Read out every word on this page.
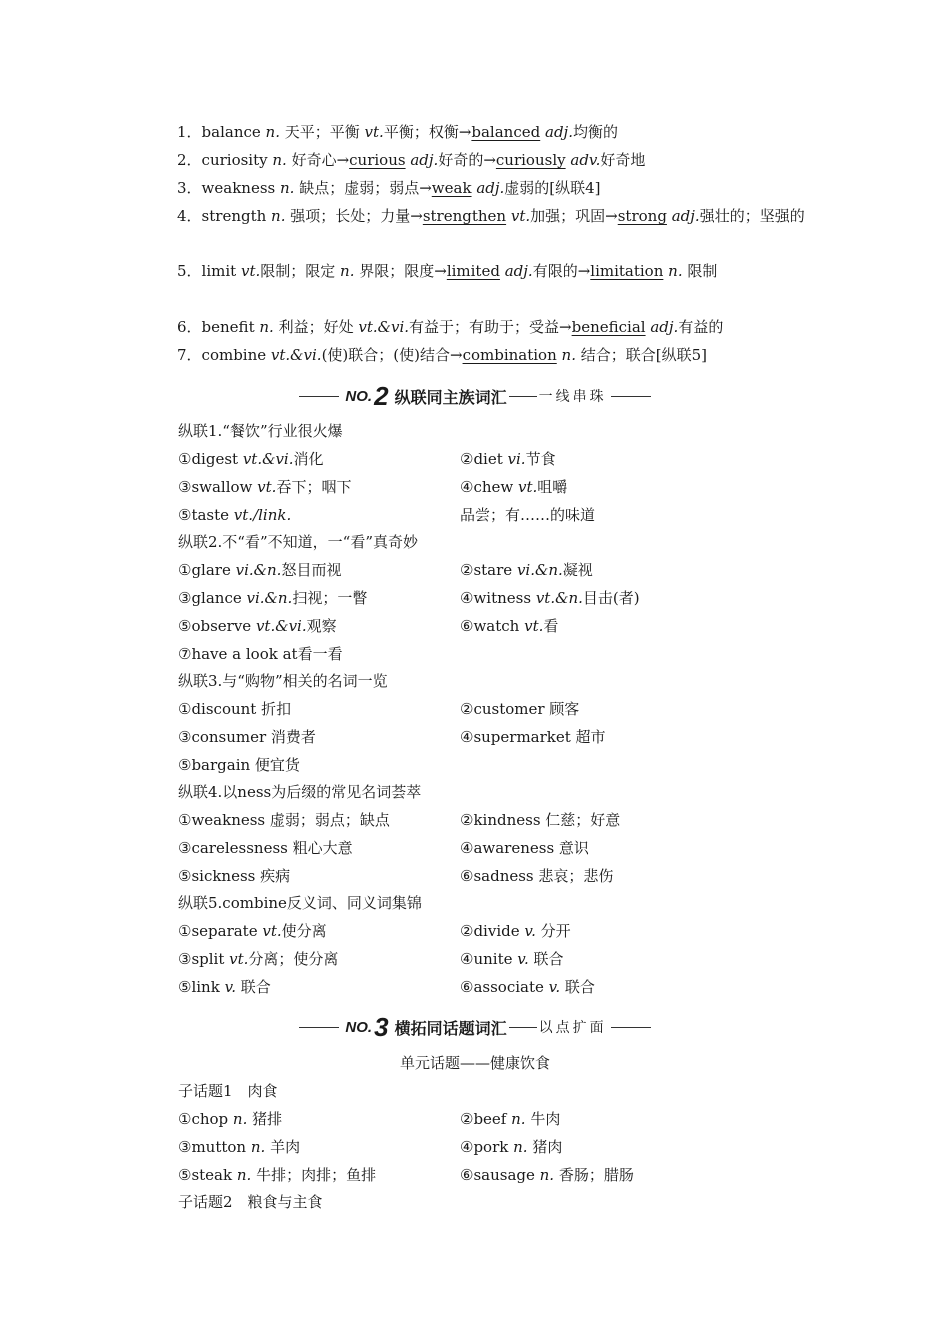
1．balance n. 天平；平衡 vt.平衡；权衡→balanced adj.均衡的
2．curiosity n. 好奇心→curious adj.好奇的→curiously adv.好奇地
3．weakness n. 缺点；虚弱；弱点→weak adj.虚弱的[纵联4]
4．strength n. 强项；长处；力量→strengthen vt.加强；巩固→strong adj.强壮的；坚强的
5．limit vt.限制；限定 n. 界限；限度→limited adj.有限的→limitation n. 限制
6．benefit n. 利益；好处 vt.&vi.有益于；有助于；受益→beneficial adj.有益的
7．combine vt.&vi.(使)联合；(使)结合→combination n. 结合；联合[纵联5]
NO. 2 纵联同主族词汇 一线串珠
纵联1.“餐饮”行业很火爆
①digest vt.&vi.消化	②diet vi.节食
③swallow vt.吞下；咽下	④chew vt.咀嚼
⑤taste vt./link.	品尝；有……的味道
纵联2.不“看”不知道，一“看”真奇妙
①glare vi.&n.怒目而视	②stare vi.&n.凝视
③glance vi.&n.扫视；一瞥	④witness vt.&n.目击(者)
⑤observe vt.&vi.观察	⑥watch vt.看
⑦have a look at看一看
纵联3.与“购物”相关的名词一览
①discount 折扣	②customer 顾客
③consumer 消费者	④supermarket 超市
⑤bargain 便宜货
纵联4.以ness为后缀的常见名词荟萃
①weakness 虚弱；弱点；缺点	②kindness 仁慈；好意
③carelessness 粗心大意	④awareness 意识
⑤sickness 疾病	⑥sadness 悲哀；悲伤
纵联5.combine反义词、同义词集锦
①separate vt.使分离	②divide v. 分开
③split vt.分离；使分离	④unite v. 联合
⑤link v. 联合	⑥associate v. 联合
NO. 3 横拓同话题词汇 以点扩面
单元话题——健康饮食
子话题1　肉食
①chop n. 猪排	②beef n. 牛肉
③mutton n. 羊肉	④pork n. 猪肉
⑤steak n. 牛排；肉排；鱼排	⑥sausage n. 香肠；腊肠
子话题2　粮食与主食
